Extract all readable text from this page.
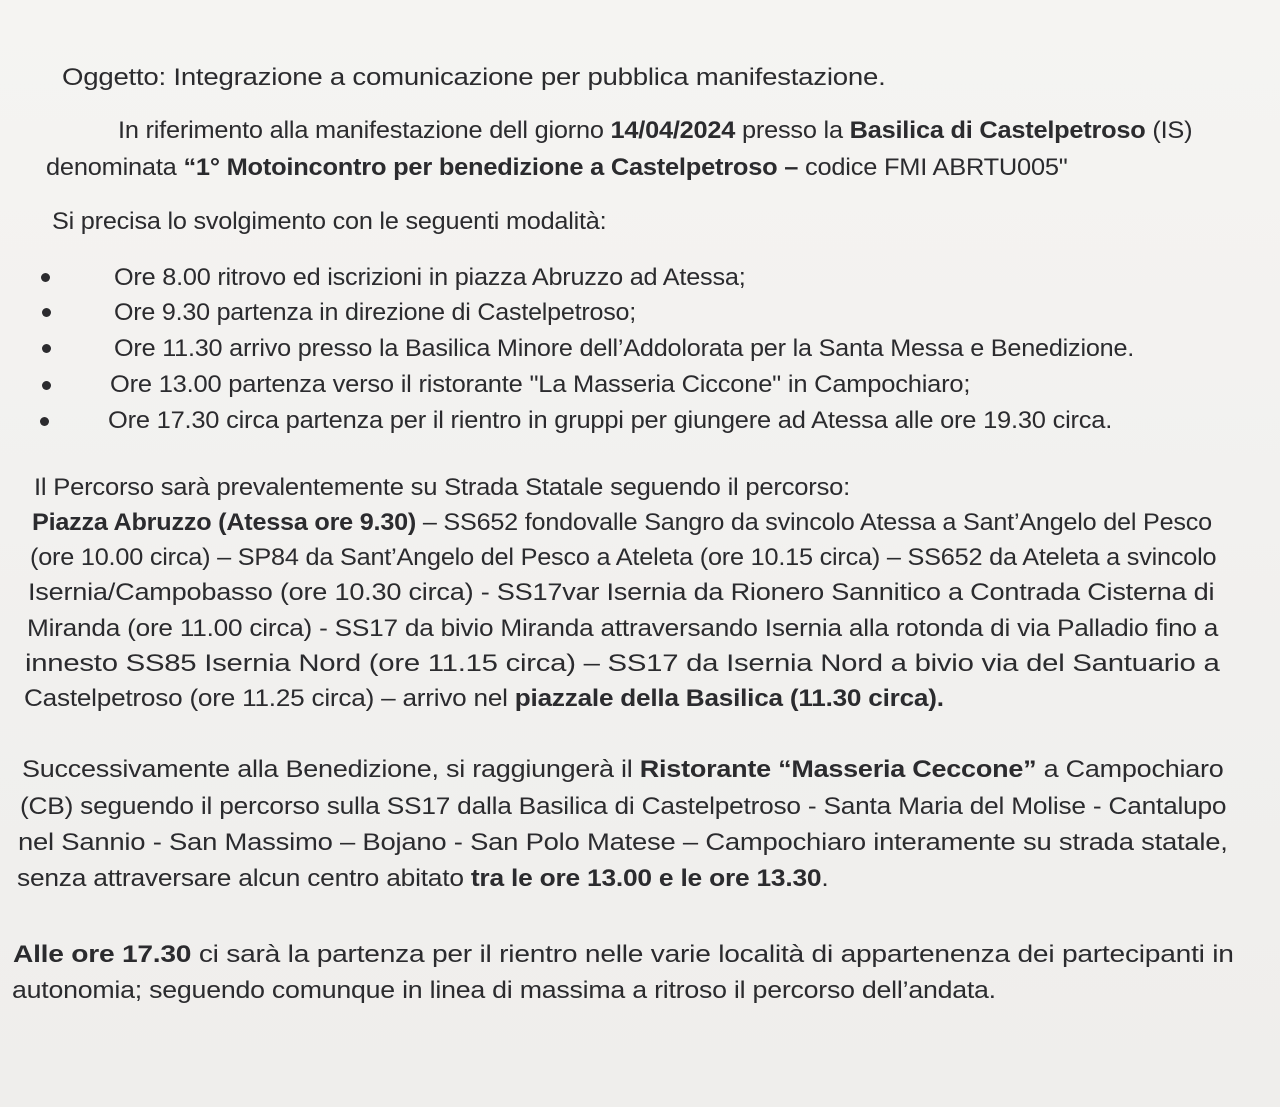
Oggetto: Integrazione a comunicazione per pubblica manifestazione.
In riferimento alla manifestazione dell giorno 14/04/2024 presso la Basilica di Castelpetroso (IS)
denominata “1° Motoincontro per benedizione a Castelpetroso – codice FMI ABRTU005"
Si precisa lo svolgimento con le seguenti modalità:
Ore 8.00 ritrovo ed iscrizioni in piazza Abruzzo ad Atessa;
Ore 9.30 partenza in direzione di Castelpetroso;
Ore 11.30 arrivo presso la Basilica Minore dell’Addolorata per la Santa Messa e Benedizione.
Ore 13.00 partenza verso il ristorante "La Masseria Ciccone" in Campochiaro;
Ore 17.30 circa partenza per il rientro in gruppi per giungere ad Atessa alle ore 19.30 circa.
Il Percorso sarà prevalentemente su Strada Statale seguendo il percorso:
Piazza Abruzzo (Atessa ore 9.30) – SS652 fondovalle Sangro da svincolo Atessa a Sant’Angelo del Pesco
(ore 10.00 circa) – SP84 da Sant’Angelo del Pesco a Ateleta (ore 10.15 circa) – SS652 da Ateleta a svincolo
Isernia/Campobasso (ore 10.30 circa) - SS17var Isernia da Rionero Sannitico a Contrada Cisterna di
Miranda (ore 11.00 circa) - SS17 da bivio Miranda attraversando Isernia alla rotonda di via Palladio fino a
innesto SS85 Isernia Nord (ore 11.15 circa) – SS17 da Isernia Nord a bivio via del Santuario a
Castelpetroso (ore 11.25 circa) – arrivo nel piazzale della Basilica (11.30 circa).
Successivamente alla Benedizione, si raggiungerà il Ristorante “Masseria Ceccone” a Campochiaro
(CB) seguendo il percorso sulla SS17 dalla Basilica di Castelpetroso - Santa Maria del Molise - Cantalupo
nel Sannio - San Massimo – Bojano - San Polo Matese – Campochiaro interamente su strada statale,
senza attraversare alcun centro abitato tra le ore 13.00 e le ore 13.30.
Alle ore 17.30 ci sarà la partenza per il rientro nelle varie località di appartenenza dei partecipanti in
autonomia; seguendo comunque in linea di massima a ritroso il percorso dell’andata.
